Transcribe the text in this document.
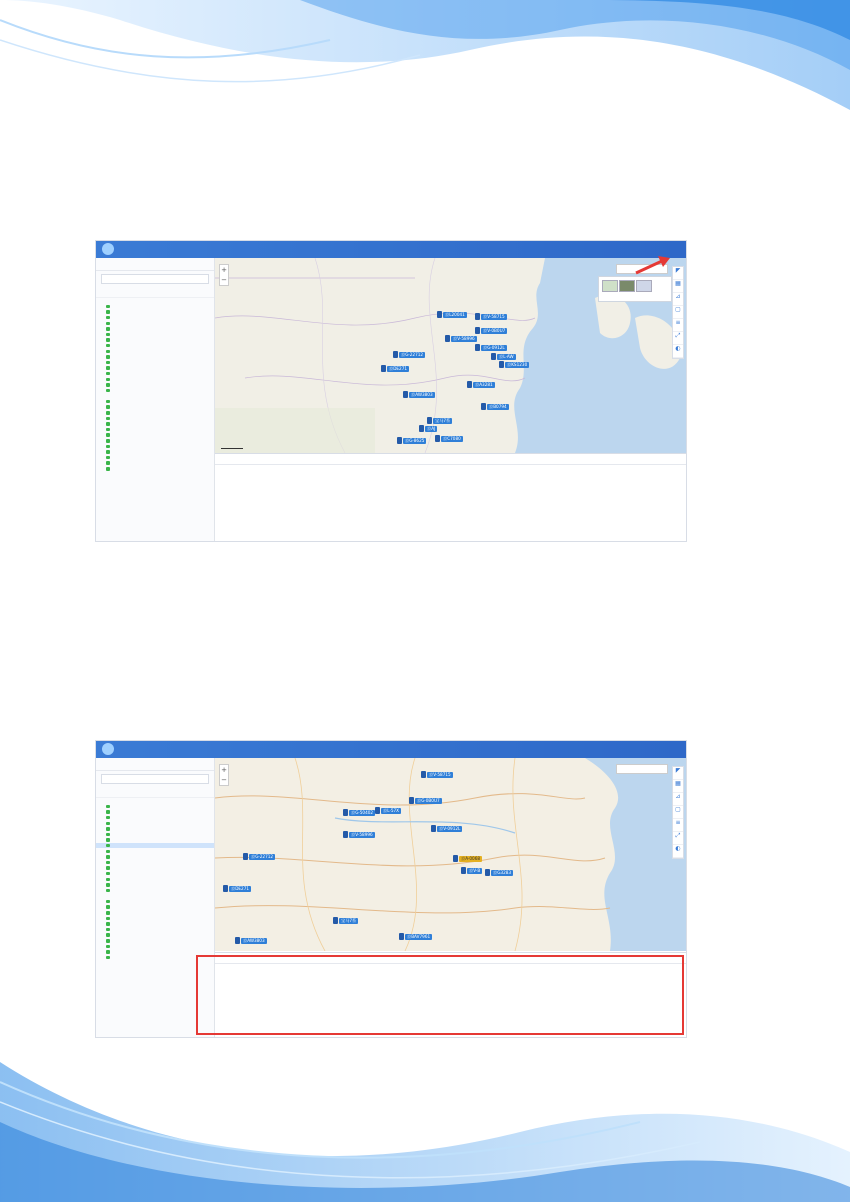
+
−
◤
▦
⊿
▢
≡
⤢
◐
京L20041	京V·58715
京V·58996
京V·0B0U7
京G·22712
京G·0912L
京DE271
京L·AW
京KS1230
京AW3803
京A3281
京B0794
宝马7系
京AJ
京C7080
京G·8625
+
−
◤
▦
⊿
▢
≡
⤢
◐
京V·58715
京G·0B0U7
京G·50402	京L·57X
京V·58996
京V·0912L
京G·22712
京DE271
京A·0068
京V·B	京G3283
京AW3803
京BAV7961
宝马7系
